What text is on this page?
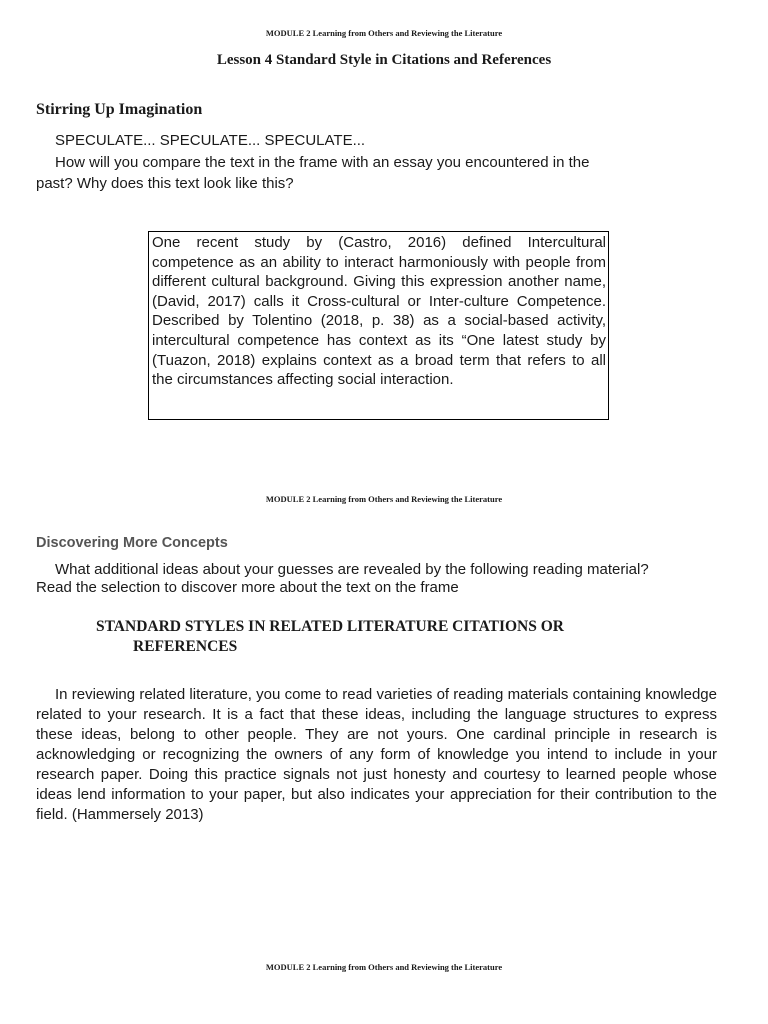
MODULE 2 Learning from Others and Reviewing the Literature
Lesson 4 Standard Style in Citations and References
Stirring Up Imagination
SPECULATE... SPECULATE... SPECULATE...
How will you compare the text in the frame with an essay you encountered in the
past? Why does this text look like this?
One recent study by (Castro, 2016) defined Intercultural competence as an ability to interact harmoniously with people from different cultural background. Giving this expression another name, (David, 2017) calls it Cross-cultural or Inter-culture Competence. Described by Tolentino (2018, p. 38) as a social-based activity, intercultural competence has context as its “One latest study by (Tuazon, 2018) explains context as a broad term that refers to all the circumstances affecting social interaction.
MODULE 2 Learning from Others and Reviewing the Literature
Discovering More Concepts
What additional ideas about your guesses are revealed by the following reading material?
Read the selection to discover more about the text on the frame
STANDARD STYLES IN RELATED LITERATURE CITATIONS OR
REFERENCES
In reviewing related literature, you come to read varieties of reading materials containing knowledge related to your research. It is a fact that these ideas, including the language structures to express these ideas, belong to other people. They are not yours. One cardinal principle in research is acknowledging or recognizing the owners of any form of knowledge you intend to include in your research paper. Doing this practice signals not just honesty and courtesy to learned people whose ideas lend information to your paper, but also indicates your appreciation for their contribution to the field. (Hammersely 2013)
MODULE 2 Learning from Others and Reviewing the Literature
